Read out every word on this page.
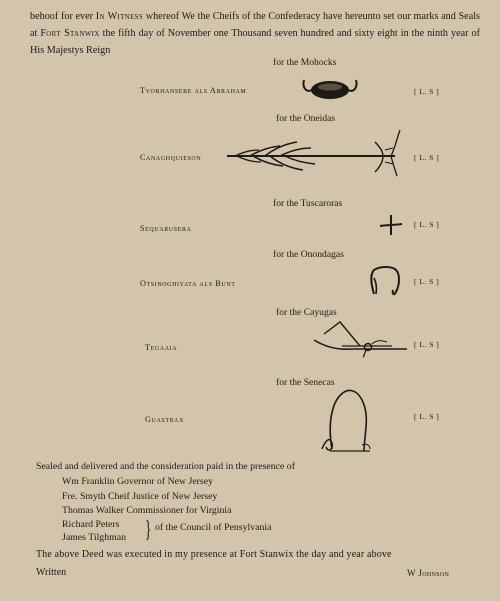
behoof for ever In Witness whereof We the Cheifs of the Confederacy have hereunto set our marks and Seals at Fort Stanwix the fifth day of November one Thousand seven hundred and sixty eight in the ninth year of His Majestys Reign
for the Mohocks
Tyorhansere als Abraham	[ L. S ]
for the Oneidas
Canaghquieson	[ L. S ]
for the Tuscaroras
Sequarusera	[ L. S ]
for the Onondagas
Otsinoghiyata als Bunt	[ L. S ]
for the Cayugas
Tegaaia	[ L. S ]
for the Senecas
Guastrax	[ L. S ]
Sealed and delivered and the consideration paid in the presence of
Wm Franklin Governor of New Jersey
Fre. Smyth Cheif Justice of New Jersey
Thomas Walker Commissioner for Virginia
Richard Peters
James Tilghman } of the Council of Pensylvania
The above Deed was executed in my presence at Fort Stanwix the day and year above
Written	W Johnson
